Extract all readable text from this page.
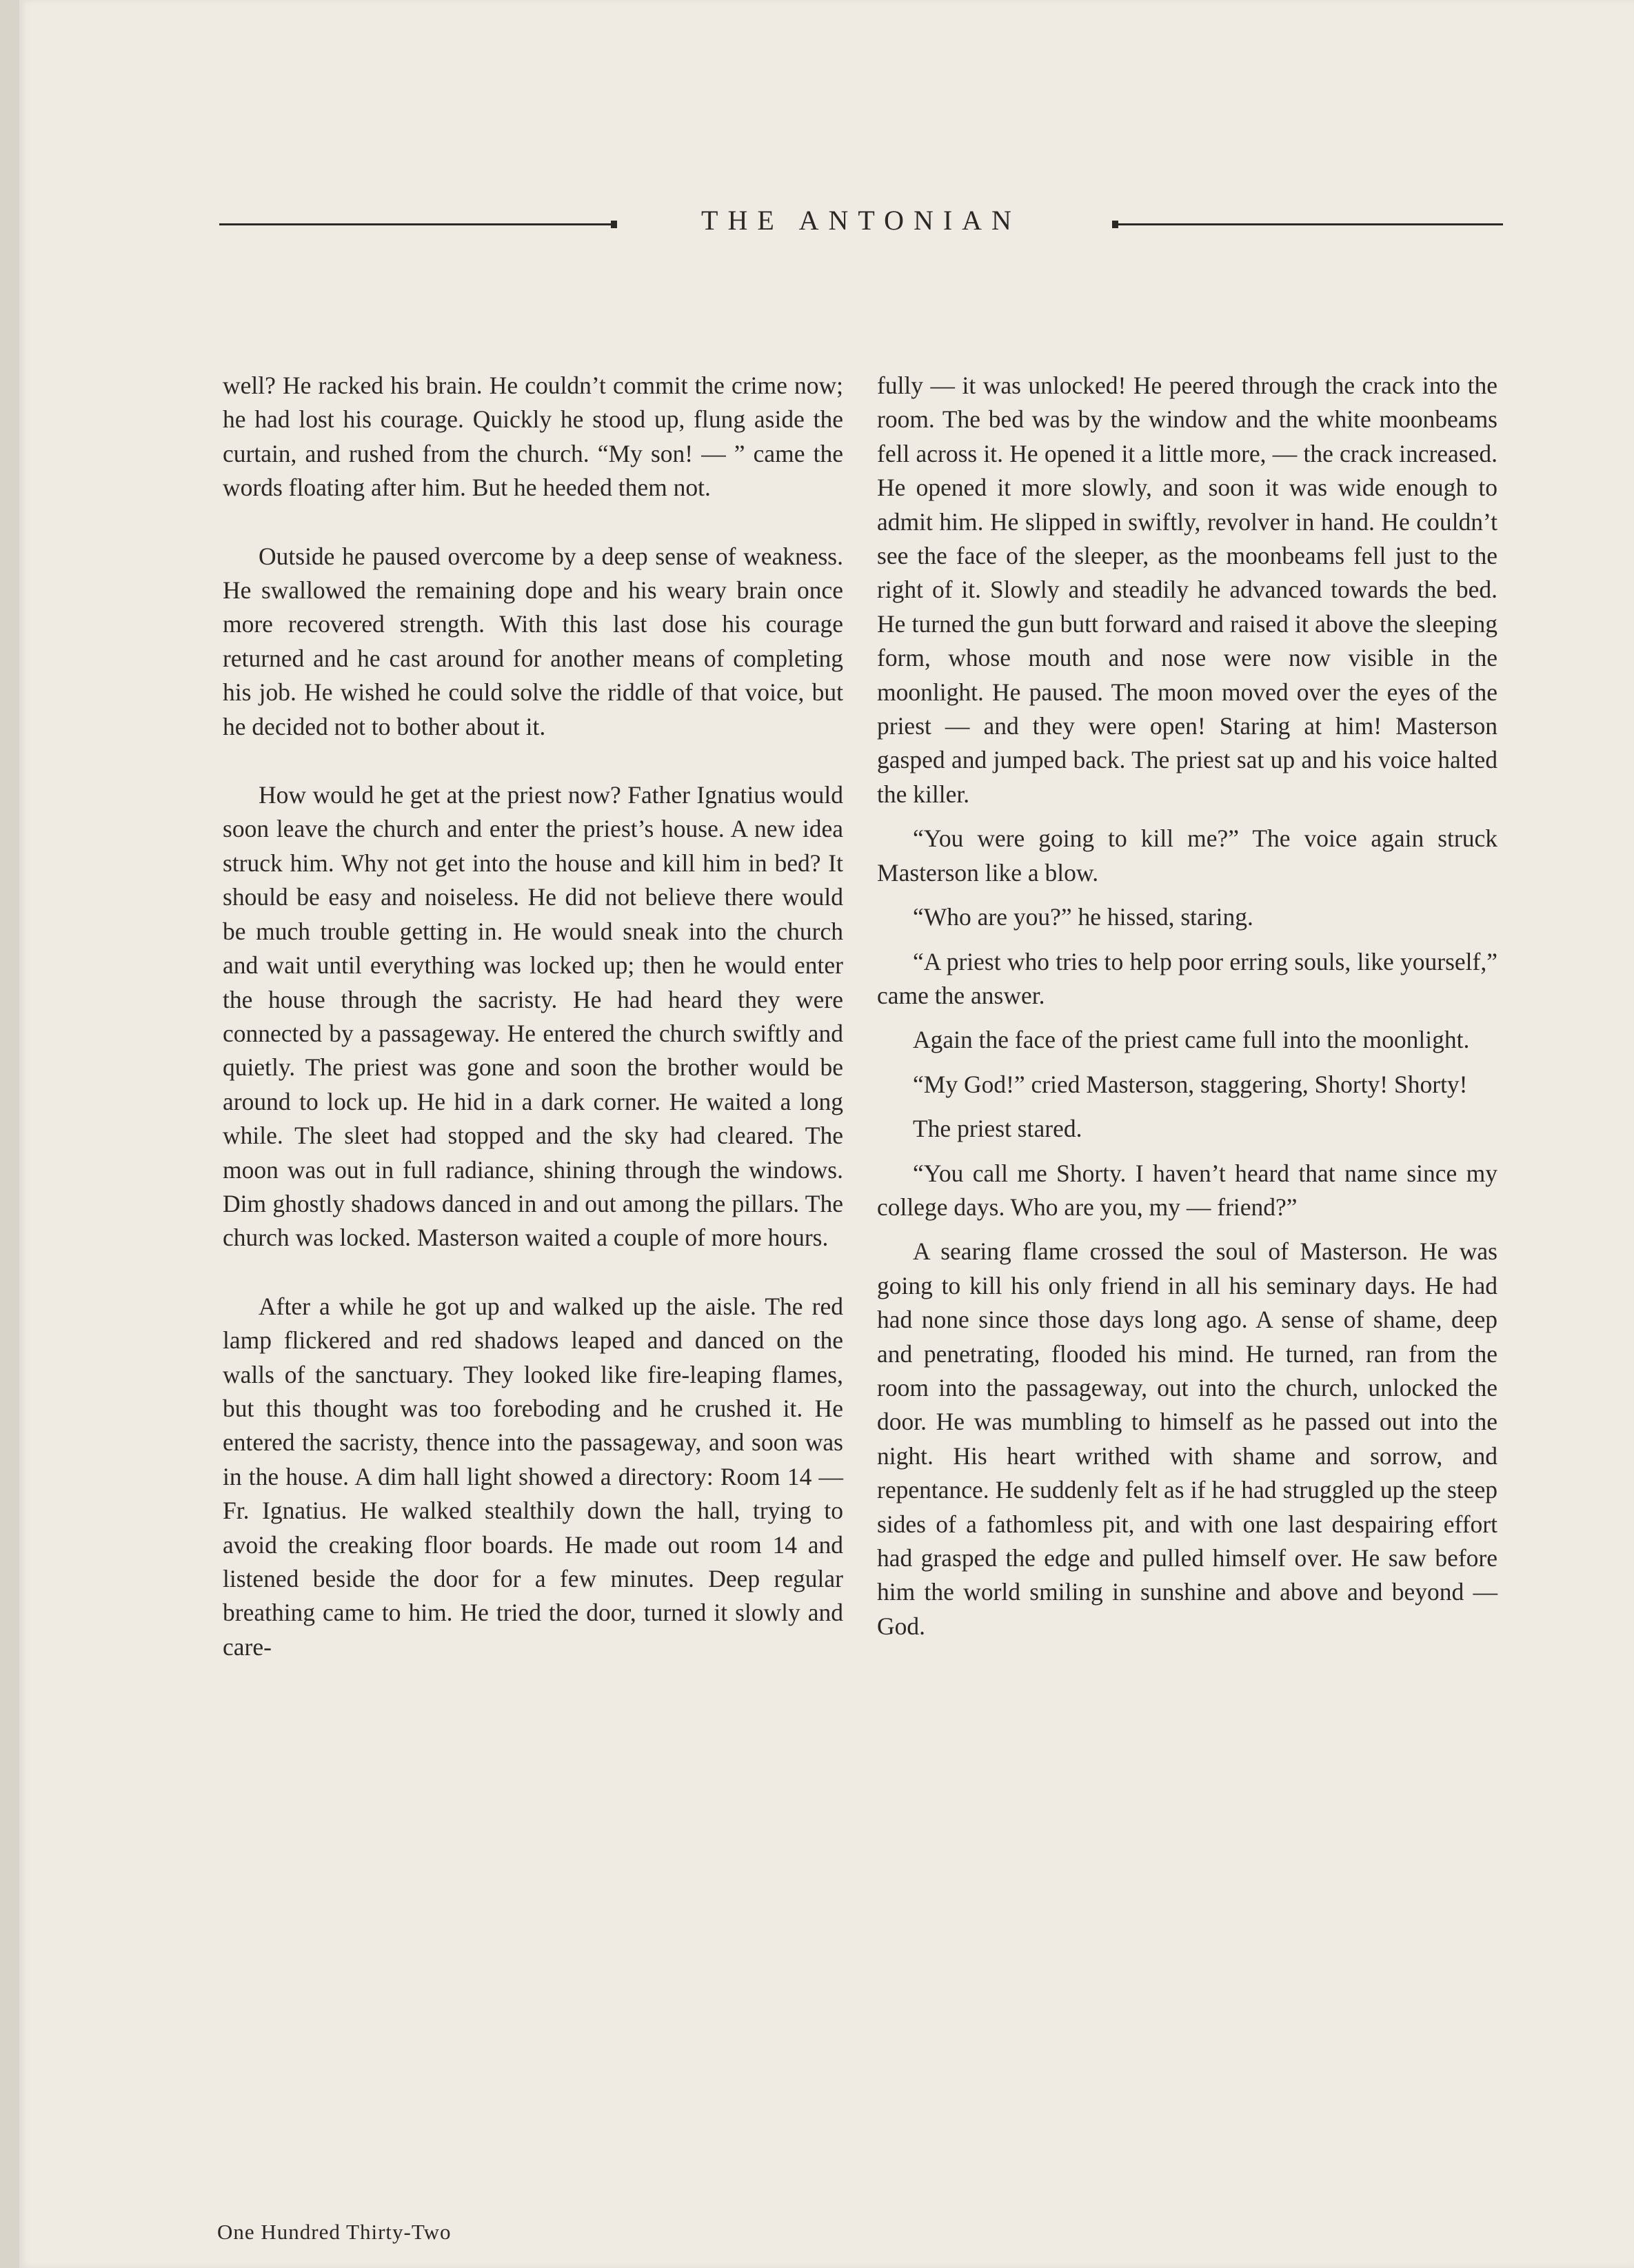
THE ANTONIAN

well? He racked his brain. He couldn’t commit the crime now; he had lost his courage. Quickly he stood up, flung aside the curtain, and rushed from the church. “My son! — ” came the words floating after him. But he heeded them not.

Outside he paused overcome by a deep sense of weakness. He swallowed the remaining dope and his weary brain once more recovered strength. With this last dose his courage returned and he cast around for another means of completing his job. He wished he could solve the riddle of that voice, but he decided not to bother about it.

How would he get at the priest now? Father Ignatius would soon leave the church and enter the priest’s house. A new idea struck him. Why not get into the house and kill him in bed? It should be easy and noiseless. He did not believe there would be much trouble getting in. He would sneak into the church and wait until everything was locked up; then he would enter the house through the sacristy. He had heard they were connected by a passageway. He entered the church swiftly and quietly. The priest was gone and soon the brother would be around to lock up. He hid in a dark corner. He waited a long while. The sleet had stopped and the sky had cleared. The moon was out in full radiance, shining through the windows. Dim ghostly shadows danced in and out among the pillars. The church was locked. Masterson waited a couple of more hours.

After a while he got up and walked up the aisle. The red lamp flickered and red shadows leaped and danced on the walls of the sanctuary. They looked like fire-leaping flames, but this thought was too foreboding and he crushed it. He entered the sacristy, thence into the passageway, and soon was in the house. A dim hall light showed a directory: Room 14 — Fr. Ignatius. He walked stealthily down the hall, trying to avoid the creaking floor boards. He made out room 14 and listened beside the door for a few minutes. Deep regular breathing came to him. He tried the door, turned it slowly and care-

fully — it was unlocked! He peered through the crack into the room. The bed was by the window and the white moonbeams fell across it. He opened it a little more, — the crack increased. He opened it more slowly, and soon it was wide enough to admit him. He slipped in swiftly, revolver in hand. He couldn’t see the face of the sleeper, as the moonbeams fell just to the right of it. Slowly and steadily he advanced towards the bed. He turned the gun butt forward and raised it above the sleeping form, whose mouth and nose were now visible in the moonlight. He paused. The moon moved over the eyes of the priest — and they were open! Staring at him! Masterson gasped and jumped back. The priest sat up and his voice halted the killer.

“You were going to kill me?” The voice again struck Masterson like a blow.

“Who are you?” he hissed, staring.

“A priest who tries to help poor erring souls, like yourself,” came the answer.

Again the face of the priest came full into the moonlight.

“My God!” cried Masterson, staggering, Shorty! Shorty!

The priest stared.

“You call me Shorty. I haven’t heard that name since my college days. Who are you, my — friend?”

A searing flame crossed the soul of Masterson. He was going to kill his only friend in all his seminary days. He had had none since those days long ago. A sense of shame, deep and penetrating, flooded his mind. He turned, ran from the room into the passageway, out into the church, unlocked the door. He was mumbling to himself as he passed out into the night. His heart writhed with shame and sorrow, and repentance. He suddenly felt as if he had struggled up the steep sides of a fathomless pit, and with one last despairing effort had grasped the edge and pulled himself over. He saw before him the world smiling in sunshine and above and beyond — God.

One Hundred Thirty-Two
